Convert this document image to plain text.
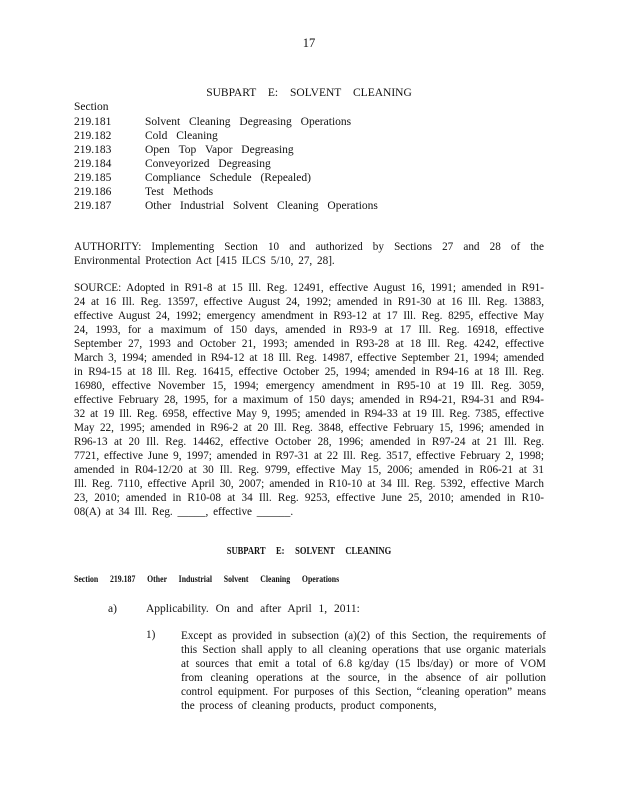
17
SUBPART E: SOLVENT CLEANING
Section
219.181	Solvent Cleaning Degreasing Operations
219.182	Cold Cleaning
219.183	Open Top Vapor Degreasing
219.184	Conveyorized Degreasing
219.185	Compliance Schedule (Repealed)
219.186	Test Methods
219.187	Other Industrial Solvent Cleaning Operations
AUTHORITY: Implementing Section 10 and authorized by Sections 27 and 28 of the Environmental Protection Act [415 ILCS 5/10, 27, 28].
SOURCE: Adopted in R91-8 at 15 Ill. Reg. 12491, effective August 16, 1991; amended in R91-24 at 16 Ill. Reg. 13597, effective August 24, 1992; amended in R91-30 at 16 Ill. Reg. 13883, effective August 24, 1992; emergency amendment in R93-12 at 17 Ill. Reg. 8295, effective May 24, 1993, for a maximum of 150 days, amended in R93-9 at 17 Ill. Reg. 16918, effective September 27, 1993 and October 21, 1993; amended in R93-28 at 18 Ill. Reg. 4242, effective March 3, 1994; amended in R94-12 at 18 Ill. Reg. 14987, effective September 21, 1994; amended in R94-15 at 18 Ill. Reg. 16415, effective October 25, 1994; amended in R94-16 at 18 Ill. Reg. 16980, effective November 15, 1994; emergency amendment in R95-10 at 19 Ill. Reg. 3059, effective February 28, 1995, for a maximum of 150 days; amended in R94-21, R94-31 and R94-32 at 19 Ill. Reg. 6958, effective May 9, 1995; amended in R94-33 at 19 Ill. Reg. 7385, effective May 22, 1995; amended in R96-2 at 20 Ill. Reg. 3848, effective February 15, 1996; amended in R96-13 at 20 Ill. Reg. 14462, effective October 28, 1996; amended in R97-24 at 21 Ill. Reg. 7721, effective June 9, 1997; amended in R97-31 at 22 Ill. Reg. 3517, effective February 2, 1998; amended in R04-12/20 at 30 Ill. Reg. 9799, effective May 15, 2006; amended in R06-21 at 31 Ill. Reg. 7110, effective April 30, 2007; amended in R10-10 at 34 Ill. Reg. 5392, effective March 23, 2010; amended in R10-08 at 34 Ill. Reg. 9253, effective June 25, 2010; amended in R10-08(A) at 34 Ill. Reg. _____, effective ______.
SUBPART E: SOLVENT CLEANING
Section 219.187 Other Industrial Solvent Cleaning Operations
a)	Applicability. On and after April 1, 2011:
1)	Except as provided in subsection (a)(2) of this Section, the requirements of this Section shall apply to all cleaning operations that use organic materials at sources that emit a total of 6.8 kg/day (15 lbs/day) or more of VOM from cleaning operations at the source, in the absence of air pollution control equipment. For purposes of this Section, “cleaning operation” means the process of cleaning products, product components,
